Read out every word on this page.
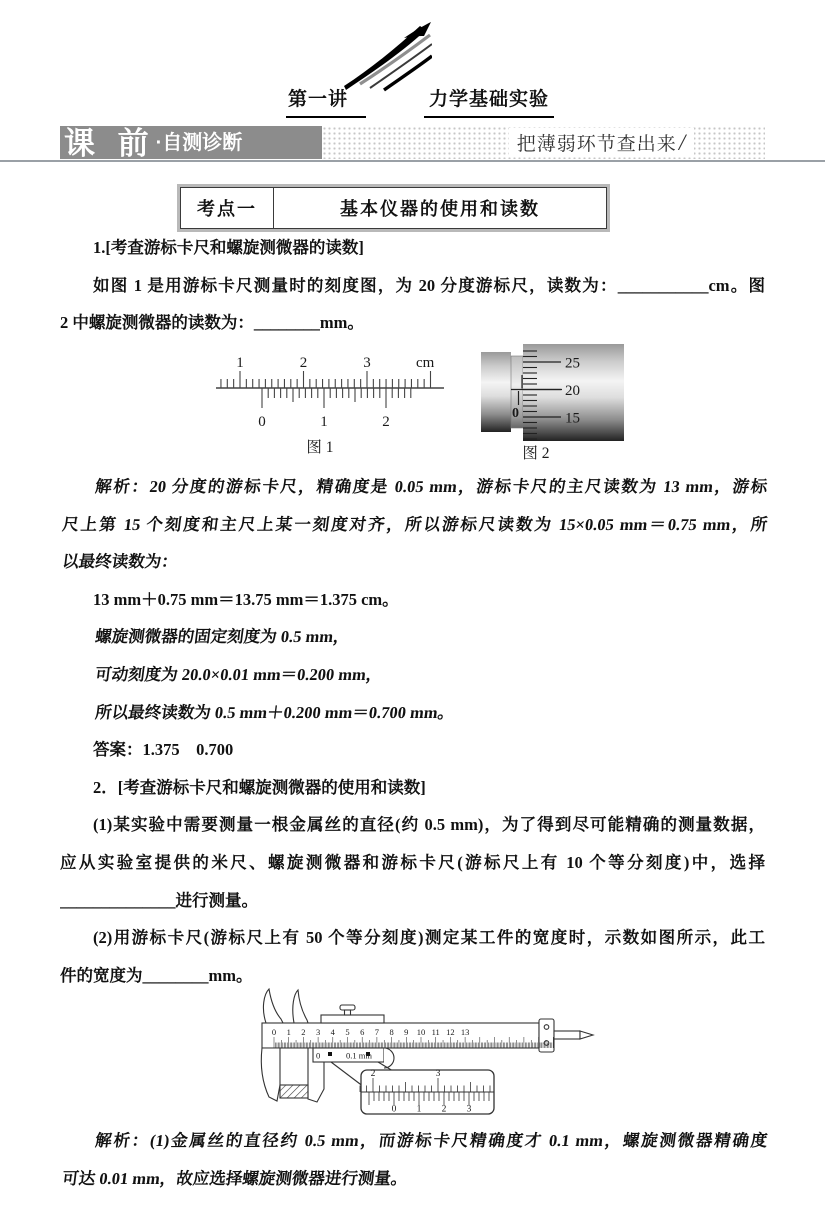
第一讲	力学基础实验
课 前 ·自测诊断	把薄弱环节查出来/
考点一	基本仪器的使用和读数
1.[考查游标卡尺和螺旋测微器的读数]
如图 1 是用游标卡尺测量时的刻度图，为 20 分度游标尺，读数为：___________cm。图
2 中螺旋测微器的读数为：________mm。
1	2	3
0	1	2
cm
图 1
25
20
15
0
图 2
解析：20 分度的游标卡尺，精确度是 0.05 mm，游标卡尺的主尺读数为 13 mm，游标
尺上第 15 个刻度和主尺上某一刻度对齐，所以游标尺读数为 15×0.05 mm＝0.75 mm，所
以最终读数为：
13 mm＋0.75 mm＝13.75 mm＝1.375 cm。
螺旋测微器的固定刻度为 0.5 mm，
可动刻度为 20.0×0.01 mm＝0.200 mm，
所以最终读数为 0.5 mm＋0.200 mm＝0.700 mm。
答案：1.375　0.700
2．[考查游标卡尺和螺旋测微器的使用和读数]
(1)某实验中需要测量一根金属丝的直径(约 0.5 mm)，为了得到尽可能精确的测量数据，
应从实验室提供的米尺、螺旋测微器和游标卡尺(游标尺上有 10 个等分刻度)中，选择
______________进行测量。
(2)用游标卡尺(游标尺上有 50 个等分刻度)测定某工件的宽度时，示数如图所示，此工
件的宽度为________mm。
0 1 2 3 4 5 6 7 8 9 10 11 12 13
2	3
0 1 2 3
0	0.1 mm
解析：(1)金属丝的直径约 0.5 mm，而游标卡尺精确度才 0.1 mm，螺旋测微器精确度
可达 0.01 mm，故应选择螺旋测微器进行测量。
